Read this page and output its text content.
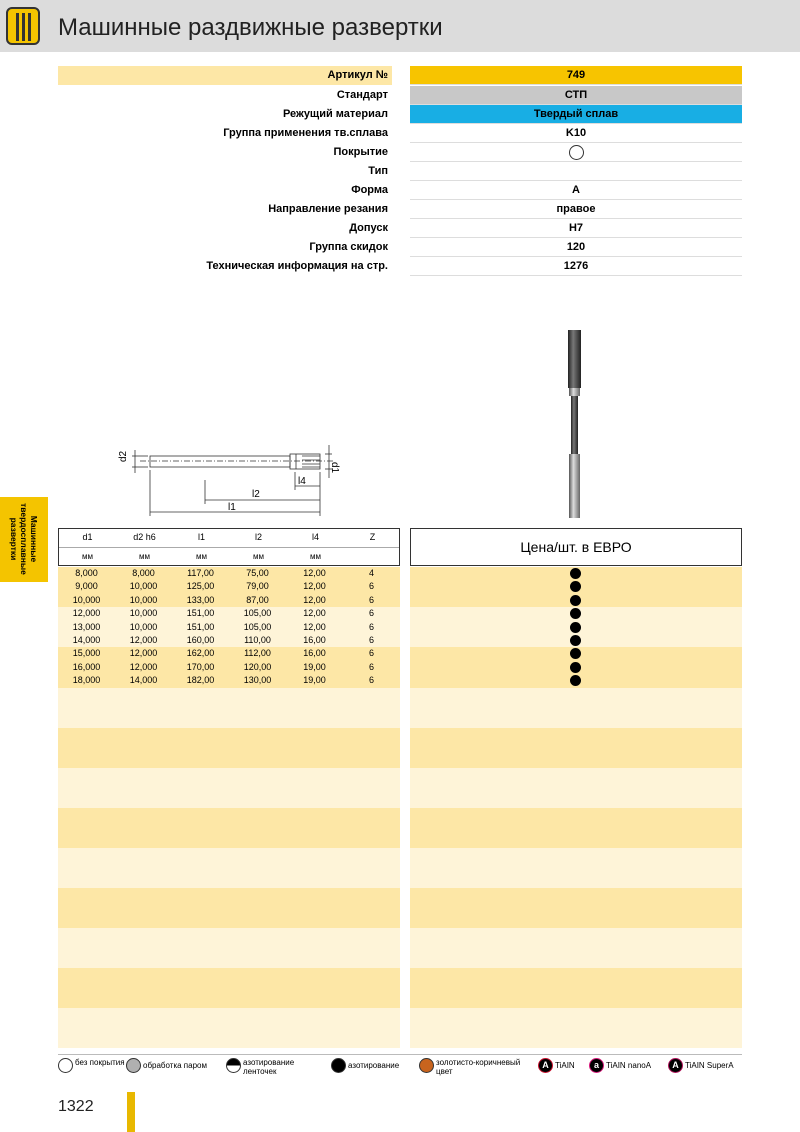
Машинные раздвижные развертки
Артикул №	749
Стандарт	СТП
Режущий материал	Твердый сплав
Группа применения тв.сплава	K10
Покрытие
Тип
Форма	A
Направление резания	правое
Допуск	H7
Группа скидок	120
Техническая информация на стр.	1276
d2
d1
l4
l2
l1
Машинные твердосплавные развертки	d1	d2 h6	l1	l2	l4	Z
мм	мм	мм	мм	мм
Цена/шт. в ЕВРО
8,000	8,000	117,00	75,00	12,00	4
9,000	10,000	125,00	79,00	12,00	6
10,000	10,000	133,00	87,00	12,00	6
12,000	10,000	151,00	105,00	12,00	6
13,000	10,000	151,00	105,00	12,00	6
14,000	12,000	160,00	110,00	16,00	6
15,000	12,000	162,00	112,00	16,00	6
16,000	12,000	170,00	120,00	19,00	6
18,000	14,000	182,00	130,00	19,00	6
без покрытия обработка паром	азотирование ленточек
азотирование	золотисто-коричневый цвет
A TiAIN	a TiAIN nanoA	A TiAIN SuperA
1322
